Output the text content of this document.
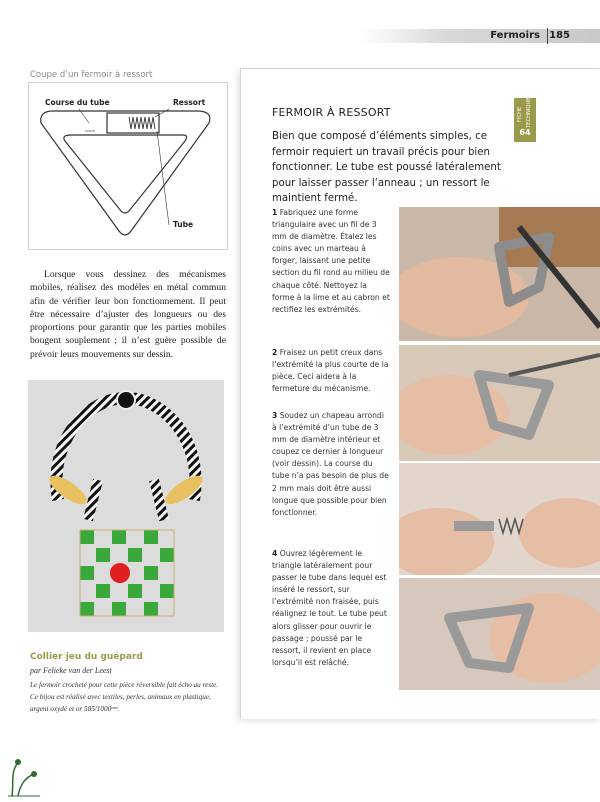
Fermoirs 185
Coupe d’un fermoir à ressort
Course du tube	Ressort
Tube

Lorsque vous dessinez des mécanismes mobiles, réalisez des modèles en métal commun afin de vérifier leur bon fonctionnement. Il peut être nécessaire d’ajuster des longueurs ou des proportions pour garantir que les parties mobiles bougent souplement ; il n’est guère possible de prévoir leurs mouvements sur dessin.

Collier jeu du guépard
par Felieke van der Leest
Le fermoir crocheté pour cette pièce réversible fait écho au reste. Ce bijou est réalisé avec textiles, perles, animaux en plastique, argent oxydé et or 585/1000ᵉᵐᵉ.
FERMOIR À RESSORT	FICHE TECHNIQUE
64
Bien que composé d’éléments simples, ce fermoir requiert un travail précis pour bien fonctionner. Le tube est poussé latéralement pour laisser passer l’anneau ; un ressort le maintient fermé.
1 Fabriquez une forme triangulaire avec un fil de 3 mm de diamètre. Étalez les coins avec un marteau à forger, laissant une petite section du fil rond au milieu de chaque côté. Nettoyez la forme à la lime et au cabron et rectifiez les extrémités.
2 Fraisez un petit creux dans l’extrémité la plus courte de la pièce. Ceci aidera à la fermeture du mécanisme.
3 Soudez un chapeau arrondi à l’extrémité d’un tube de 3 mm de diamètre intérieur et coupez ce dernier à longueur (voir dessin). La course du tube n’a pas besoin de plus de 2 mm mais doit être aussi longue que possible pour bien fonctionner.
4 Ouvrez légèrement le triangle latéralement pour passer le tube dans lequel est inséré le ressort, sur l’extrémité non fraisée, puis réalignez le tout. Le tube peut alors glisser pour ouvrir le passage ; poussé par le ressort, il revient en place lorsqu’il est relâché.
